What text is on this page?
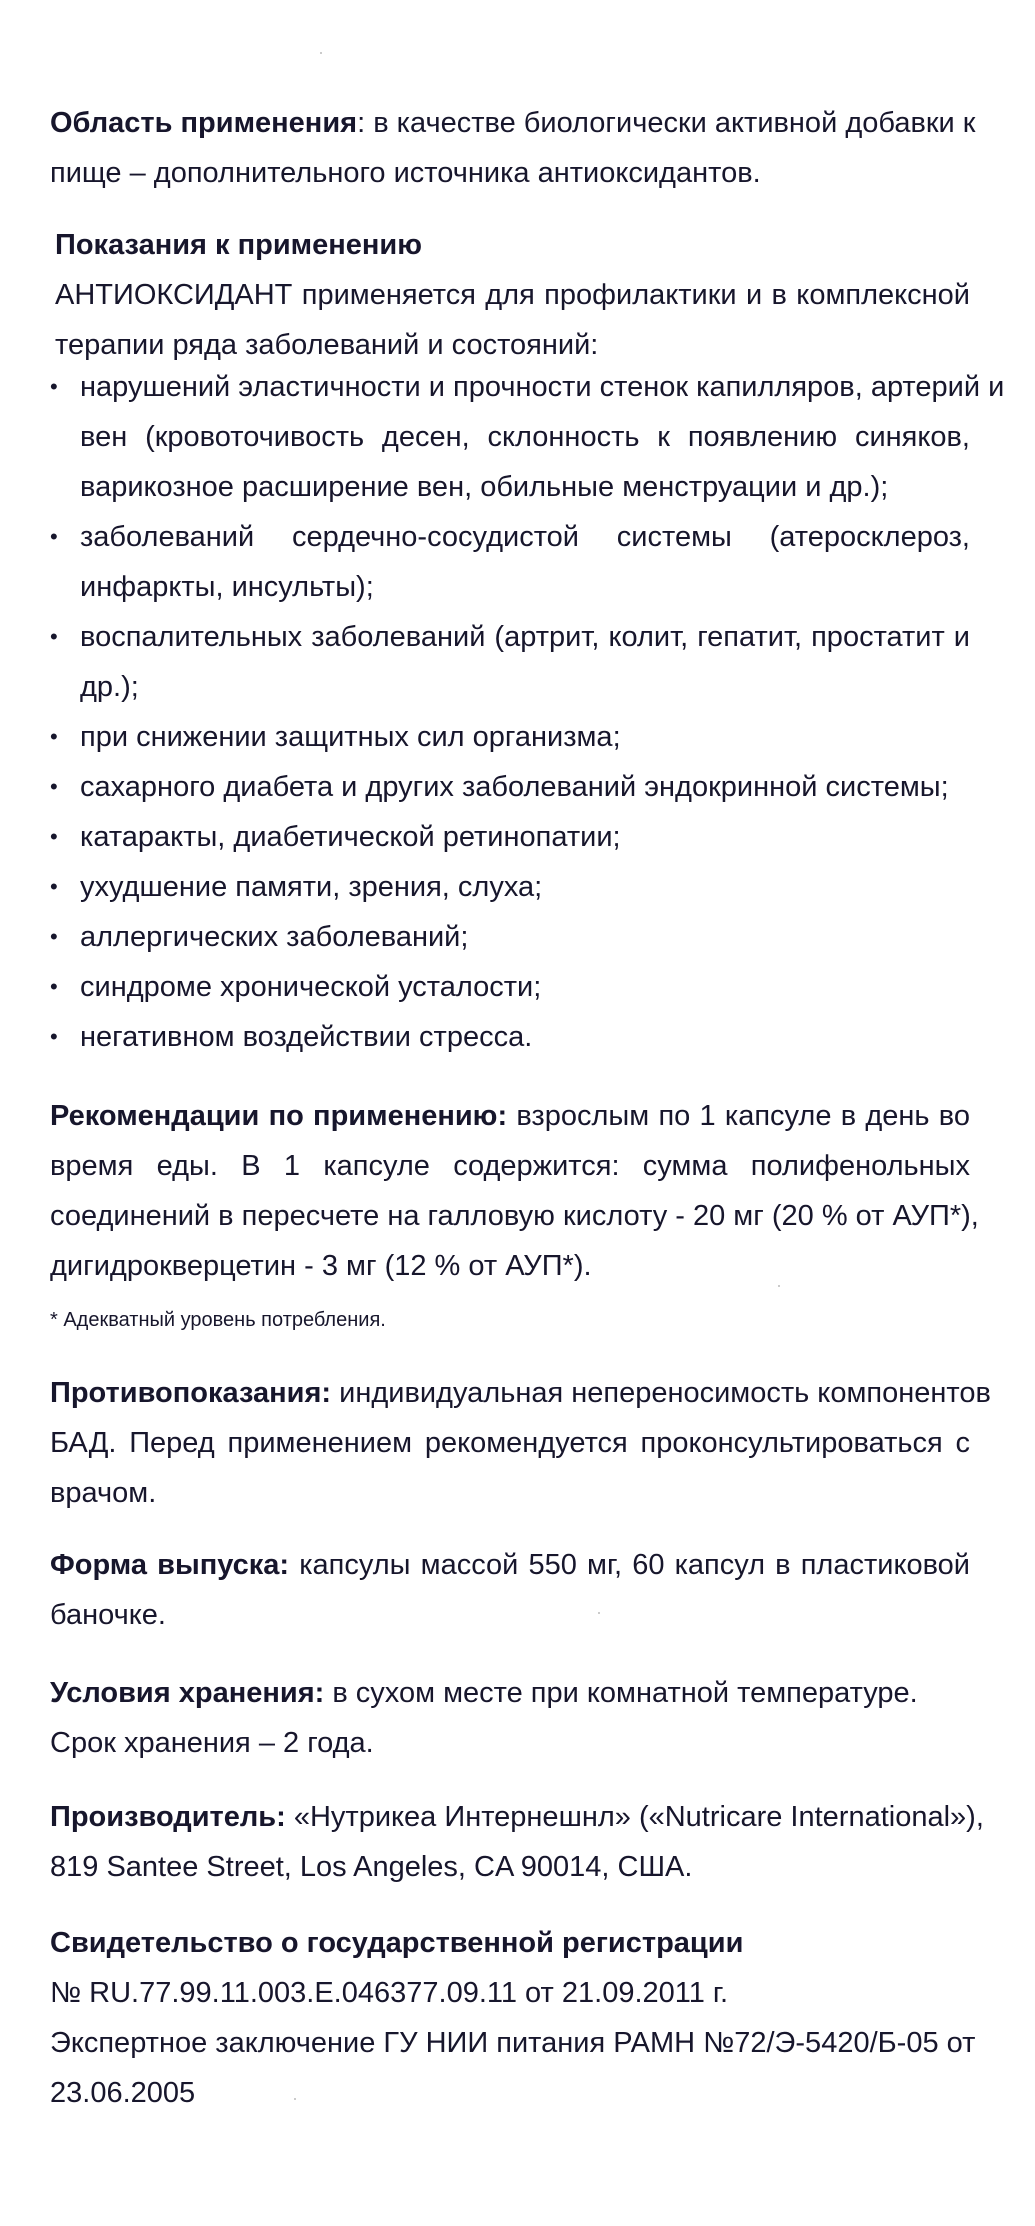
Область применения: в качестве биологически активной добавки к
пище – дополнительного источника антиоксидантов.
Показания к применению
АНТИОКСИДАНТ применяется для профилактики и в комплексной
терапии ряда заболеваний и состояний:
• нарушений эластичности и прочности стенок капилляров, артерий и
вен (кровоточивость десен, склонность к появлению синяков,
варикозное расширение вен, обильные менструации и др.);
• заболеваний сердечно-сосудистой системы (атеросклероз,
инфаркты, инсульты);
• воспалительных заболеваний (артрит, колит, гепатит, простатит и
др.);
• при снижении защитных сил организма;
• сахарного диабета и других заболеваний эндокринной системы;
• катаракты, диабетической ретинопатии;
• ухудшение памяти, зрения, слуха;
• аллергических заболеваний;
• синдроме хронической усталости;
• негативном воздействии стресса.
Рекомендации по применению: взрослым по 1 капсуле в день во
время еды. В 1 капсуле содержится: сумма полифенольных
соединений в пересчете на галловую кислоту - 20 мг (20 % от АУП*),
дигидрокверцетин - 3 мг (12 % от АУП*).
* Адекватный уровень потребления.
Противопоказания: индивидуальная непереносимость компонентов
БАД. Перед применением рекомендуется проконсультироваться с
врачом.
Форма выпуска: капсулы массой 550 мг, 60 капсул в пластиковой
баночке.
Условия хранения: в сухом месте при комнатной температуре.
Срок хранения – 2 года.
Производитель: «Нутрикеа Интернешнл» («Nutricare International»),
819 Santee Street, Los Angeles, CA 90014, США.
Свидетельство о государственной регистрации
№ RU.77.99.11.003.Е.046377.09.11 от 21.09.2011 г.
Экспертное заключение ГУ НИИ питания РАМН №72/Э-5420/Б-05 от
23.06.2005
